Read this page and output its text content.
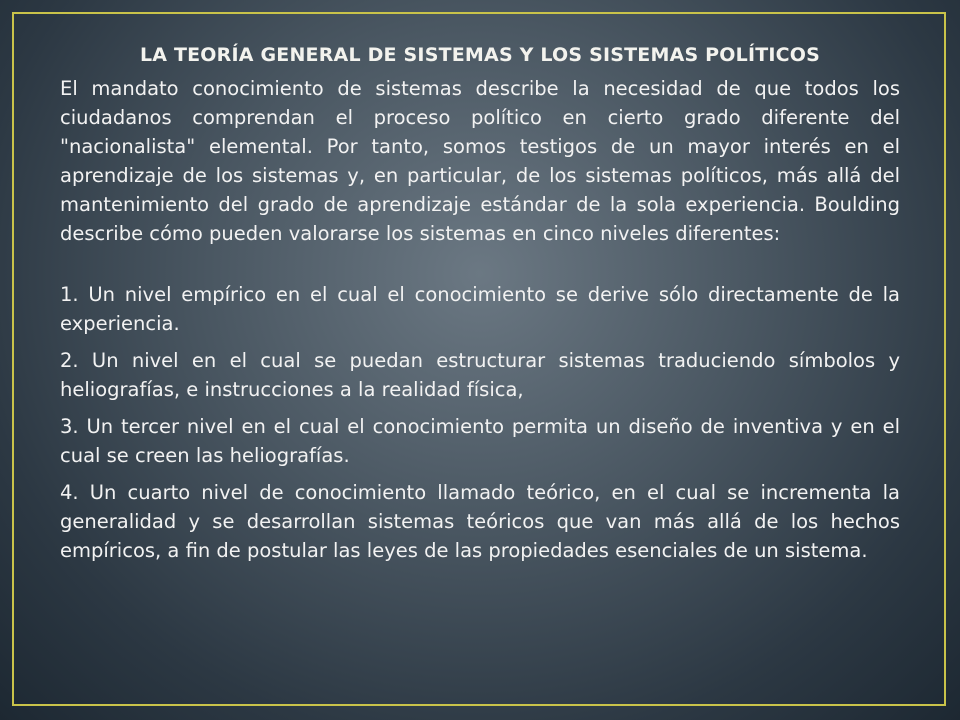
LA TEORÍA GENERAL DE SISTEMAS Y LOS SISTEMAS POLÍTICOS

El mandato conocimiento de sistemas describe la necesidad de que todos los ciudadanos comprendan el proceso político en cierto grado diferente del "nacionalista" elemental. Por tanto, somos testigos de un mayor interés en el aprendizaje de los sistemas y, en particular, de los sistemas políticos, más allá del mantenimiento del grado de aprendizaje estándar de la sola experiencia. Boulding describe cómo pueden valorarse los sistemas en cinco niveles diferentes:

1. Un nivel empírico en el cual el conocimiento se derive sólo directamente de la experiencia.

2. Un nivel en el cual se puedan estructurar sistemas traduciendo símbolos y heliografías, e instrucciones a la realidad física,

3. Un tercer nivel en el cual el conocimiento permita un diseño de inventiva y en el cual se creen las heliografías.

4. Un cuarto nivel de conocimiento llamado teórico, en el cual se incrementa la generalidad y se desarrollan sistemas teóricos que van más allá de los hechos empíricos, a fin de postular las leyes de las propiedades esenciales de un sistema.
